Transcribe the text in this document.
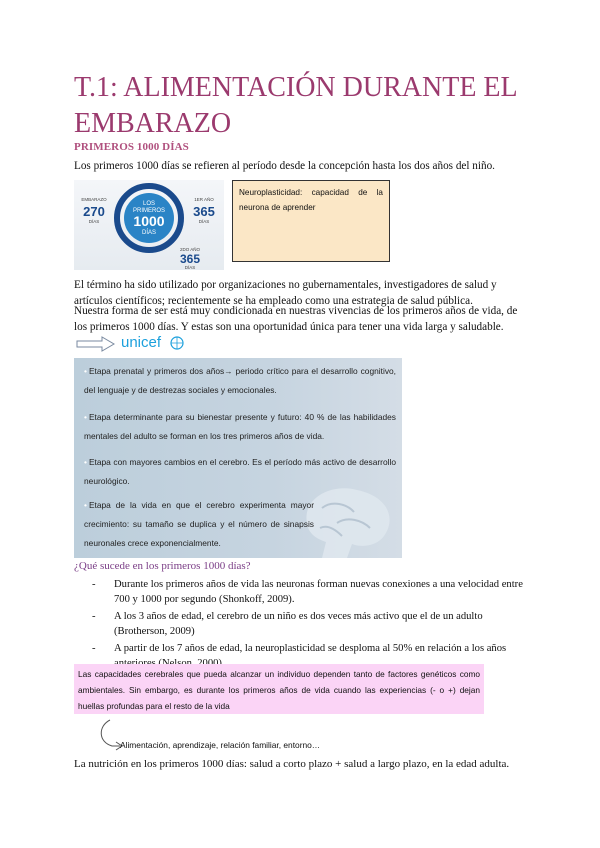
T.1: ALIMENTACIÓN DURANTE EL EMBARAZO
PRIMEROS 1000 DÍAS

Los primeros 1000 días se refieren al período desde la concepción hasta los dos años del niño.

LOS
PRIMEROS
1000
DÍAS
EMBARAZO
270
DÍAS
1ER AÑO
365
DÍAS
2DO AÑO
365
DÍAS
Neuroplasticidad: capacidad de la neurona de aprender

El término ha sido utilizado por organizaciones no gubernamentales, investigadores de salud y artículos científicos; recientemente se ha empleado como una estrategia de salud pública.

Nuestra forma de ser está muy condicionada en nuestras vivencias de los primeros años de vida, de los primeros 1000 días. Y estas son una oportunidad única para tener una vida larga y saludable.

unicef
• Etapa prenatal y primeros dos años→ periodo crítico para el desarrollo cognitivo, del lenguaje y de destrezas sociales y emocionales.
• Etapa determinante para su bienestar presente y futuro: 40 % de las habilidades mentales del adulto se forman en los tres primeros años de vida.
• Etapa con mayores cambios en el cerebro. Es el período más activo de desarrollo neurológico.
• Etapa de la vida en que el cerebro experimenta mayor crecimiento: su tamaño se duplica y el número de sinapsis neuronales crece exponencialmente.
¿Qué sucede en los primeros 1000 días?
- Durante los primeros años de vida las neuronas forman nuevas conexiones a una velocidad entre 700 y 1000 por segundo (Shonkoff, 2009).
- A los 3 años de edad, el cerebro de un niño es dos veces más activo que el de un adulto (Brotherson, 2009)
- A partir de los 7 años de edad, la neuroplasticidad se desploma al 50% en relación a los años
Las capacidades cerebrales que pueda alcanzar un individuo dependen tanto de factores genéticos como ambientales. Sin embargo, es durante los primeros años de vida cuando las experiencias (- o +) dejan huellas profundas para el resto de la vida
Alimentación, aprendizaje, relación familiar, entorno…
La nutrición en los primeros 1000 días: salud a corto plazo + salud a largo plazo, en la edad adulta.
